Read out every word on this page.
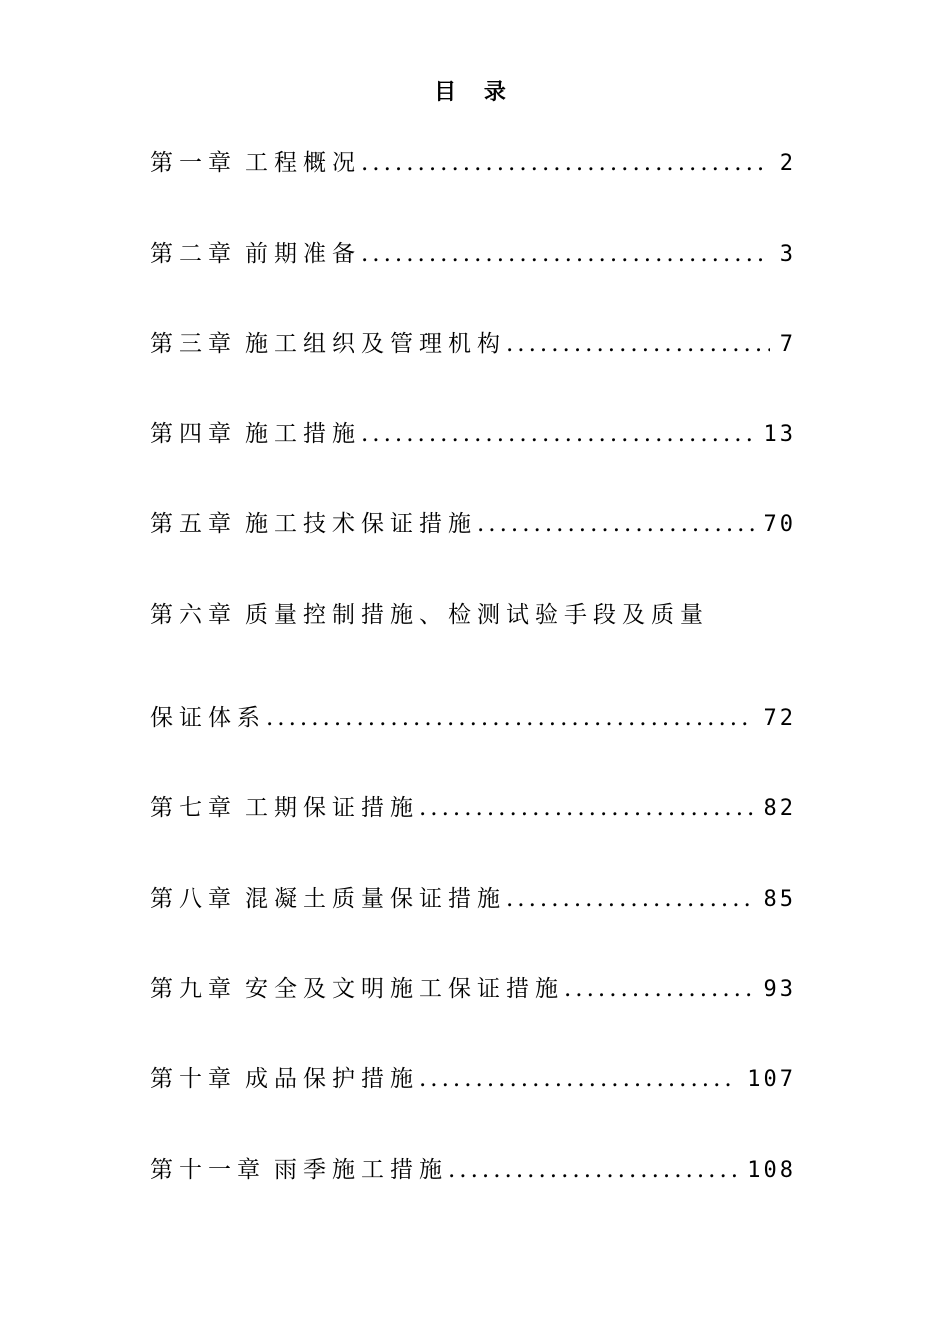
目 录
第一章 工程概况 .....	2
第二章 前期准备 .....	3
第三章 施工组织及管理机构 .....	7
第四章 施工措施 .....	13
第五章 施工技术保证措施 .....	70
第六章 质量控制措施、检测试验手段及质量
保证体系 .....	72
第七章 工期保证措施 .....	82
第八章 混凝土质量保证措施 .....	85
第九章 安全及文明施工保证措施 .....	93
第十章 成品保护措施 .....	107
第十一章 雨季施工措施 .....	108
